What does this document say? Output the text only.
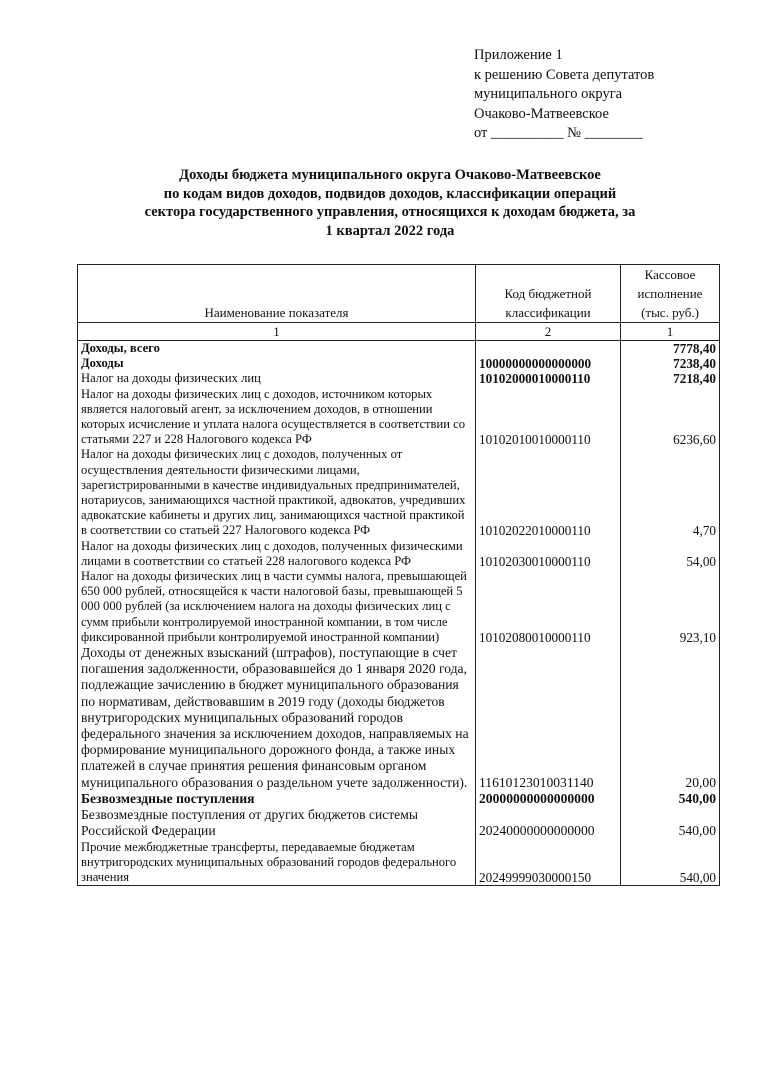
Приложение 1
к решению Совета депутатов
муниципального округа
Очаково-Матвеевское
от __________ № ________
Доходы бюджета муниципального округа Очаково-Матвеевское
по кодам видов доходов, подвидов доходов, классификации операций
сектора государственного управления, относящихся к доходам бюджета, за
1 квартал 2022 года
Наименование показателя	Код бюджетной классификации	Кассовое исполнение (тыс. руб.)
1	2	1
Доходы, всего		7778,40
Доходы	10000000000000000	7238,40
Налог на доходы физических лиц	10102000010000110	7218,40
Налог на доходы физических лиц с доходов, источником которых является налоговый агент, за исключением доходов, в отношении которых исчисление и уплата налога осуществляется в соответствии со статьями 227 и 228 Налогового кодекса РФ	10102010010000110	6236,60
Налог на доходы физических лиц с доходов, полученных от осуществления деятельности физическими лицами, зарегистрированными в качестве индивидуальных предпринимателей, нотариусов, занимающихся частной практикой, адвокатов, учредивших адвокатские кабинеты и других лиц, занимающихся частной практикой в соответствии со статьей 227 Налогового кодекса РФ	10102022010000110	4,70
Налог на доходы физических лиц с доходов, полученных физическими лицами в соответствии со статьей 228 налогового кодекса РФ	10102030010000110	54,00
Налог на доходы физических лиц в части суммы налога, превышающей 650 000 рублей, относящейся к части налоговой базы, превышающей 5 000 000 рублей (за исключением налога на доходы физических лиц с сумм прибыли контролируемой иностранной компании, в том числе фиксированной прибыли контролируемой иностранной компании)	10102080010000110	923,10
Доходы от денежных взысканий (штрафов), поступающие в счет погашения задолженности, образовавшейся до 1 января 2020 года, подлежащие зачислению в бюджет муниципального образования по нормативам, действовавшим в 2019 году (доходы бюджетов внутригородских муниципальных образований городов федерального значения за исключением доходов, направляемых на формирование муниципального дорожного фонда, а также иных платежей в случае принятия решения финансовым органом муниципального образования о раздельном учете задолженности).	11610123010031140	20,00
Безвозмездные поступления	20000000000000000	540,00
Безвозмездные поступления от других бюджетов системы Российской Федерации	20240000000000000	540,00
Прочие межбюджетные трансферты, передаваемые бюджетам внутригородских муниципальных образований городов федерального значения	20249999030000150	540,00
